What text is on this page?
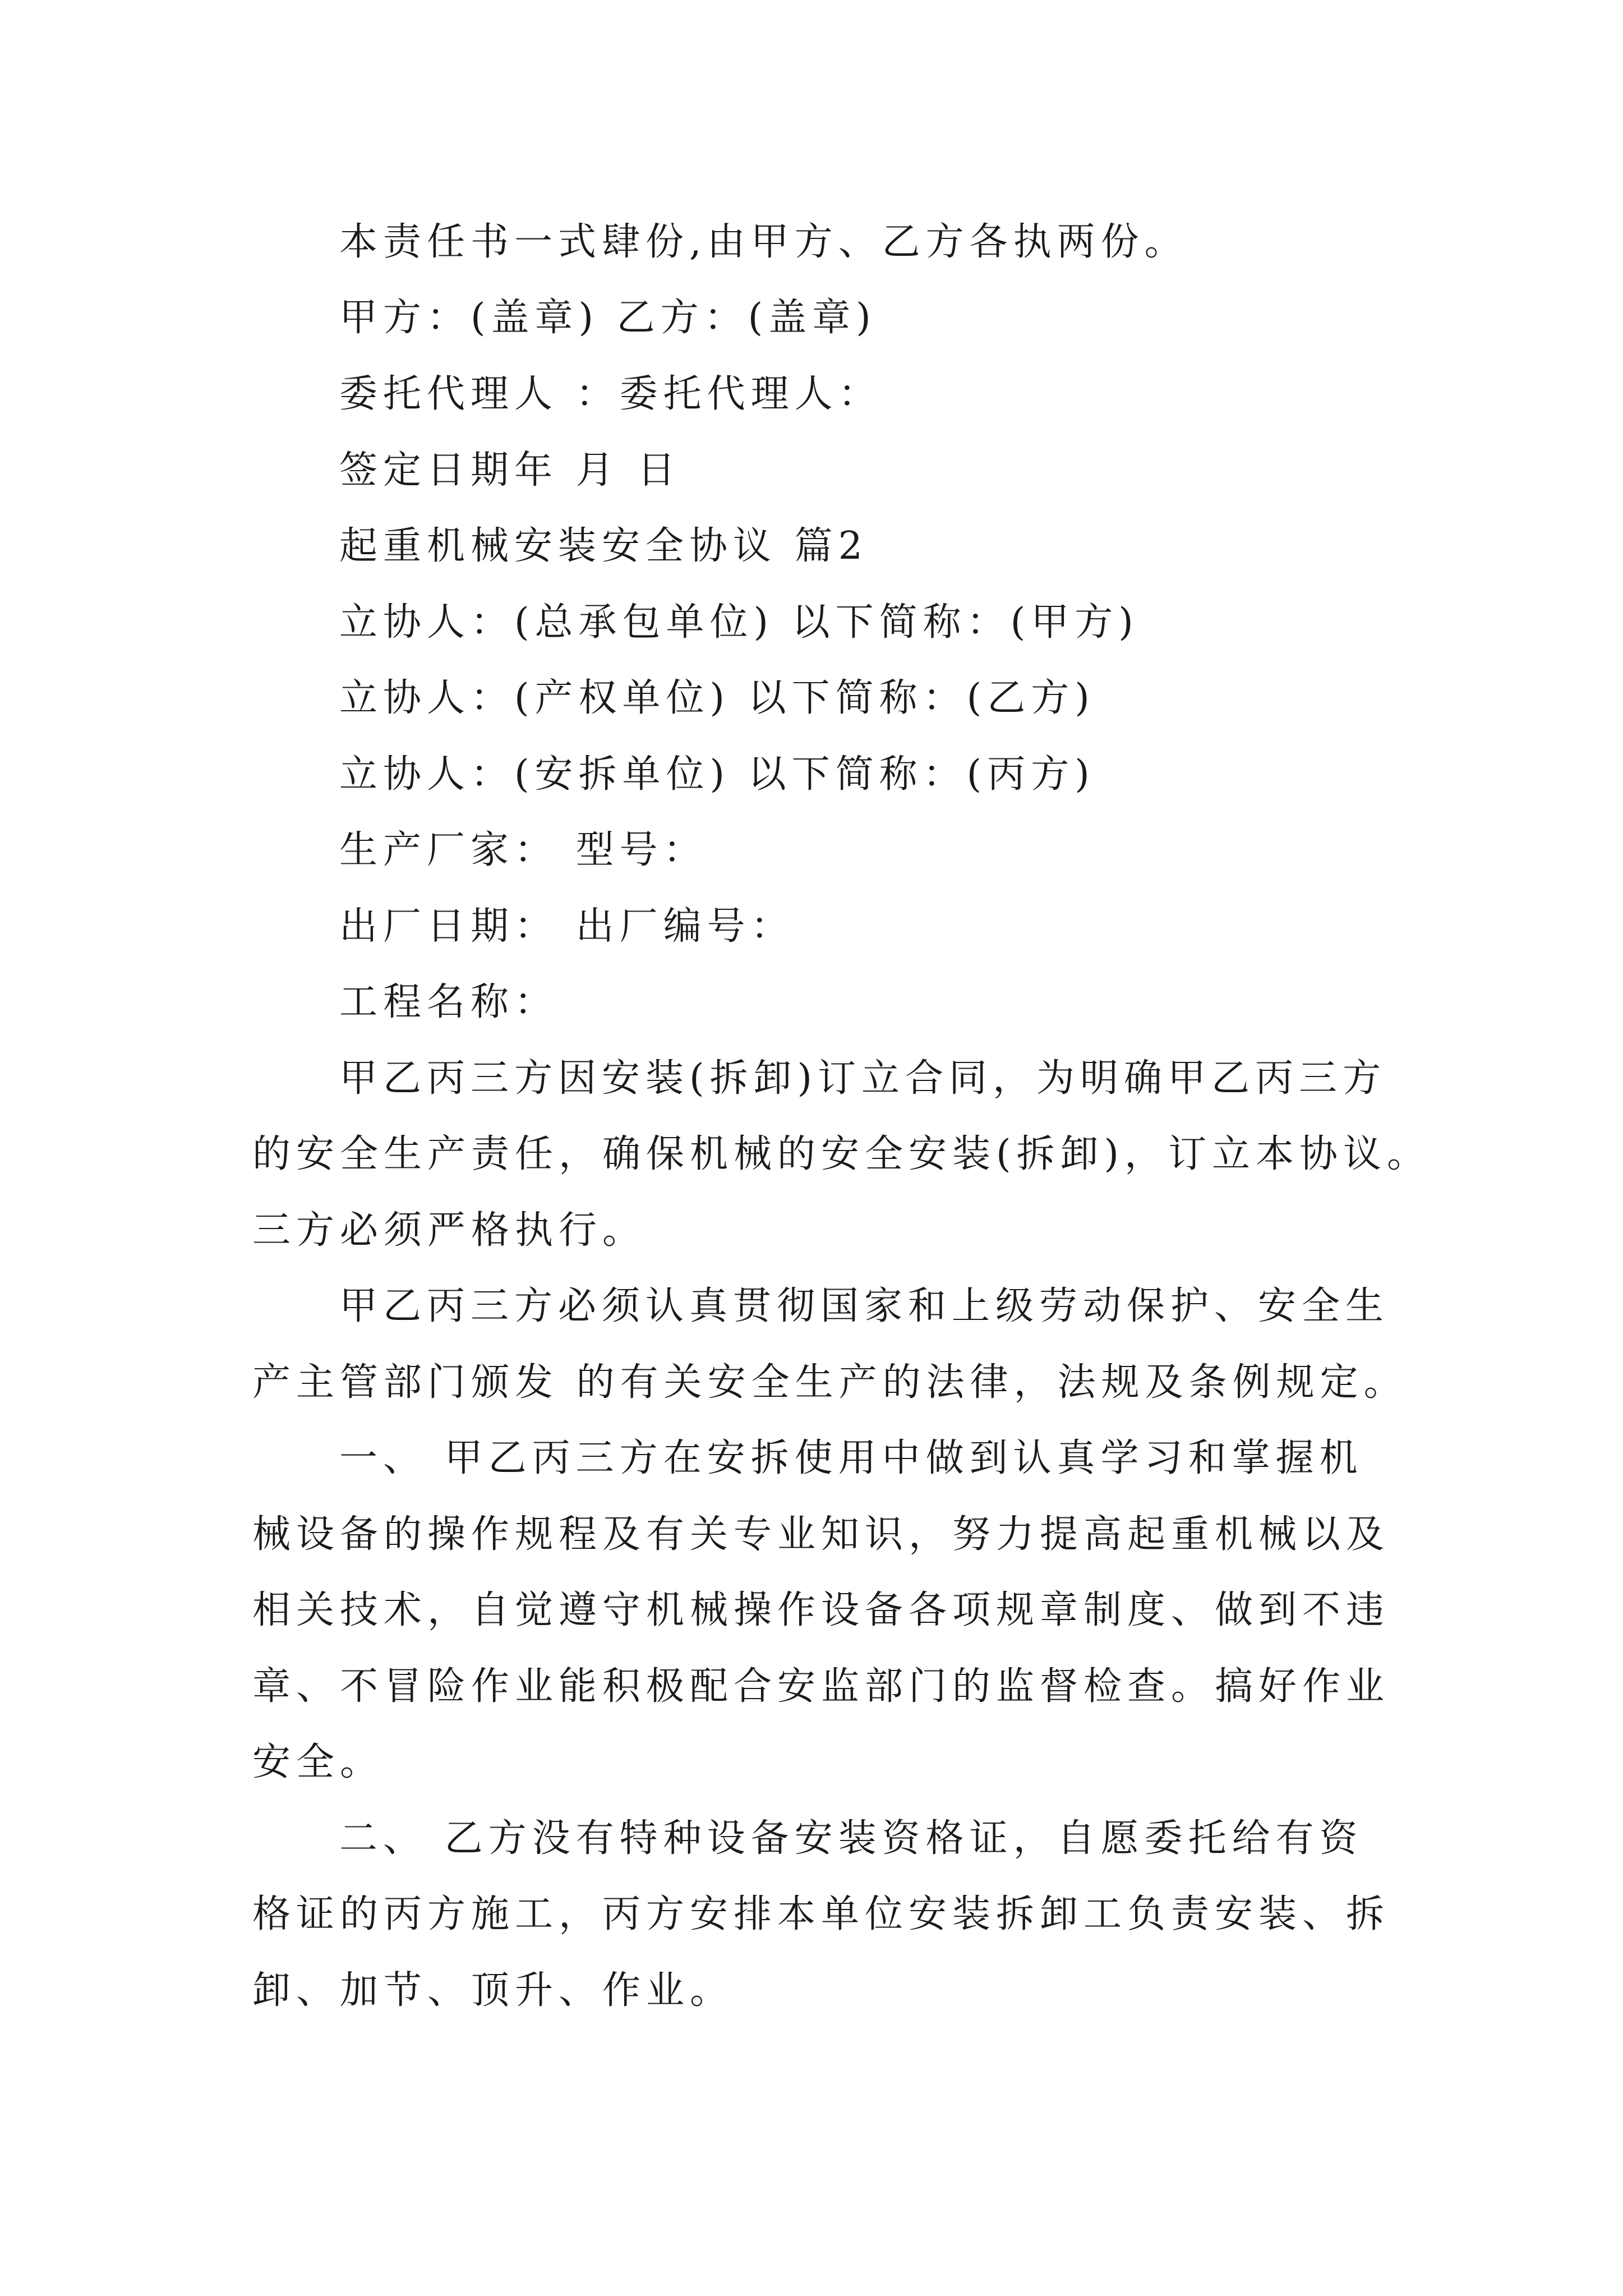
本责任书一式肆份,由甲方、乙方各执两份。
甲方：(盖章) 乙方：(盖章)
委托代理人 ：委托代理人：
签定日期年 月 日
起重机械安装安全协议 篇2
立协人：(总承包单位) 以下简称：(甲方)
立协人：(产权单位) 以下简称：(乙方)
立协人：(安拆单位) 以下简称：(丙方)
生产厂家： 型号：
出厂日期： 出厂编号：
工程名称：
甲乙丙三方因安装(拆卸)订立合同，为明确甲乙丙三方
的安全生产责任，确保机械的安全安装(拆卸)，订立本协议。
三方必须严格执行。
甲乙丙三方必须认真贯彻国家和上级劳动保护、安全生
产主管部门颁发 的有关安全生产的法律，法规及条例规定。
一、 甲乙丙三方在安拆使用中做到认真学习和掌握机
械设备的操作规程及有关专业知识，努力提高起重机械以及
相关技术，自觉遵守机械操作设备各项规章制度、做到不违
章、不冒险作业能积极配合安监部门的监督检查。搞好作业
安全。
二、 乙方没有特种设备安装资格证，自愿委托给有资
格证的丙方施工，丙方安排本单位安装拆卸工负责安装、拆
卸、加节、顶升、作业。
